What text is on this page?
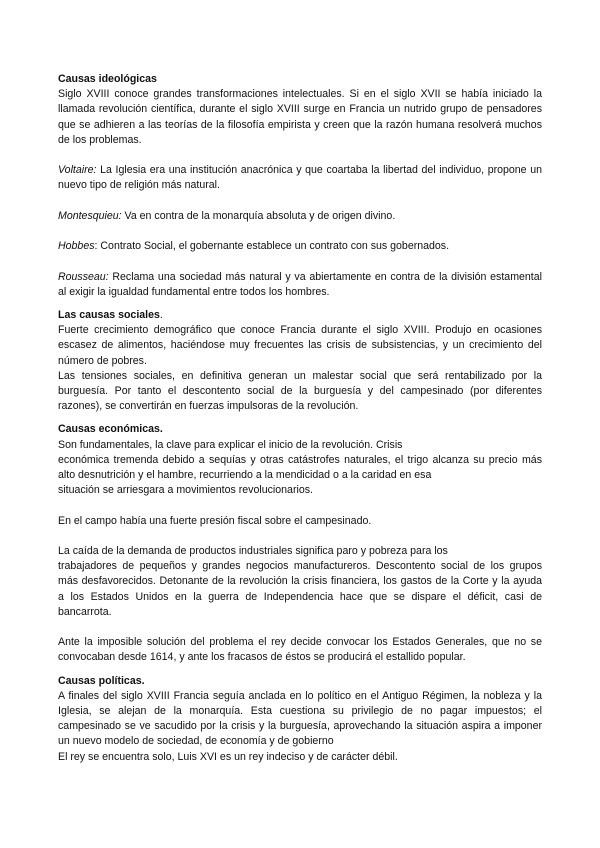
Causas ideológicas
Siglo XVIII conoce grandes transformaciones intelectuales. Si en el siglo XVII se había iniciado la
llamada revolución científica, durante el siglo XVIII surge en Francia un nutrido grupo de pensadores
que se adhieren a las teorías de la filosofía empirista y creen que la razón humana resolverá muchos
de los problemas.
Voltaire: La Iglesia era una institución anacrónica y que coartaba la libertad del individuo, propone un
nuevo tipo de religión más natural.
Montesquieu: Va en contra de la monarquía absoluta y de origen divino.
Hobbes: Contrato Social, el gobernante establece un contrato con sus gobernados.
Rousseau: Reclama una sociedad más natural y va abiertamente en contra de la división estamental
al exigir la igualdad fundamental entre todos los hombres.
Las causas sociales.
Fuerte crecimiento demográfico que conoce Francia durante el siglo XVIII. Produjo en ocasiones
escasez de alimentos, haciéndose muy frecuentes las crisis de subsistencias, y un crecimiento del
número de pobres.
Las tensiones sociales, en definitiva generan un malestar social que será rentabilizado por la
burguesía. Por tanto el descontento social de la burguesía y del campesinado (por diferentes
razones), se convertirán en fuerzas impulsoras de la revolución.
Causas económicas.
Son fundamentales, la clave para explicar el inicio de la revolución. Crisis
económica tremenda debido a sequías y otras catástrofes naturales, el trigo alcanza su precio más
alto desnutrición y el hambre, recurriendo a la mendicidad o a la caridad en esa
situación se arriesgara a movimientos revolucionarios.
En el campo había una fuerte presión fiscal sobre el campesinado.
La caída de la demanda de productos industriales significa paro y pobreza para los
trabajadores de pequeños y grandes negocios manufactureros. Descontento social de los grupos
más desfavorecidos. Detonante de la revolución la crisis financiera, los gastos de la Corte y la ayuda
a los Estados Unidos en la guerra de Independencia hace que se dispare el déficit, casi de
bancarrota.
Ante la imposible solución del problema el rey decide convocar los Estados Generales, que no se
convocaban desde 1614, y ante los fracasos de éstos se producirá el estallido popular.
Causas políticas.
A finales del siglo XVIII Francia seguía anclada en lo político en el Antiguo Régimen, la nobleza y la
Iglesia, se alejan de la monarquía. Esta cuestiona su privilegio de no pagar impuestos; el
campesinado se ve sacudido por la crisis y la burguesía, aprovechando la situación aspira a imponer
un nuevo modelo de sociedad, de economía y de gobierno
El rey se encuentra solo, Luis XVI es un rey indeciso y de carácter débil.
